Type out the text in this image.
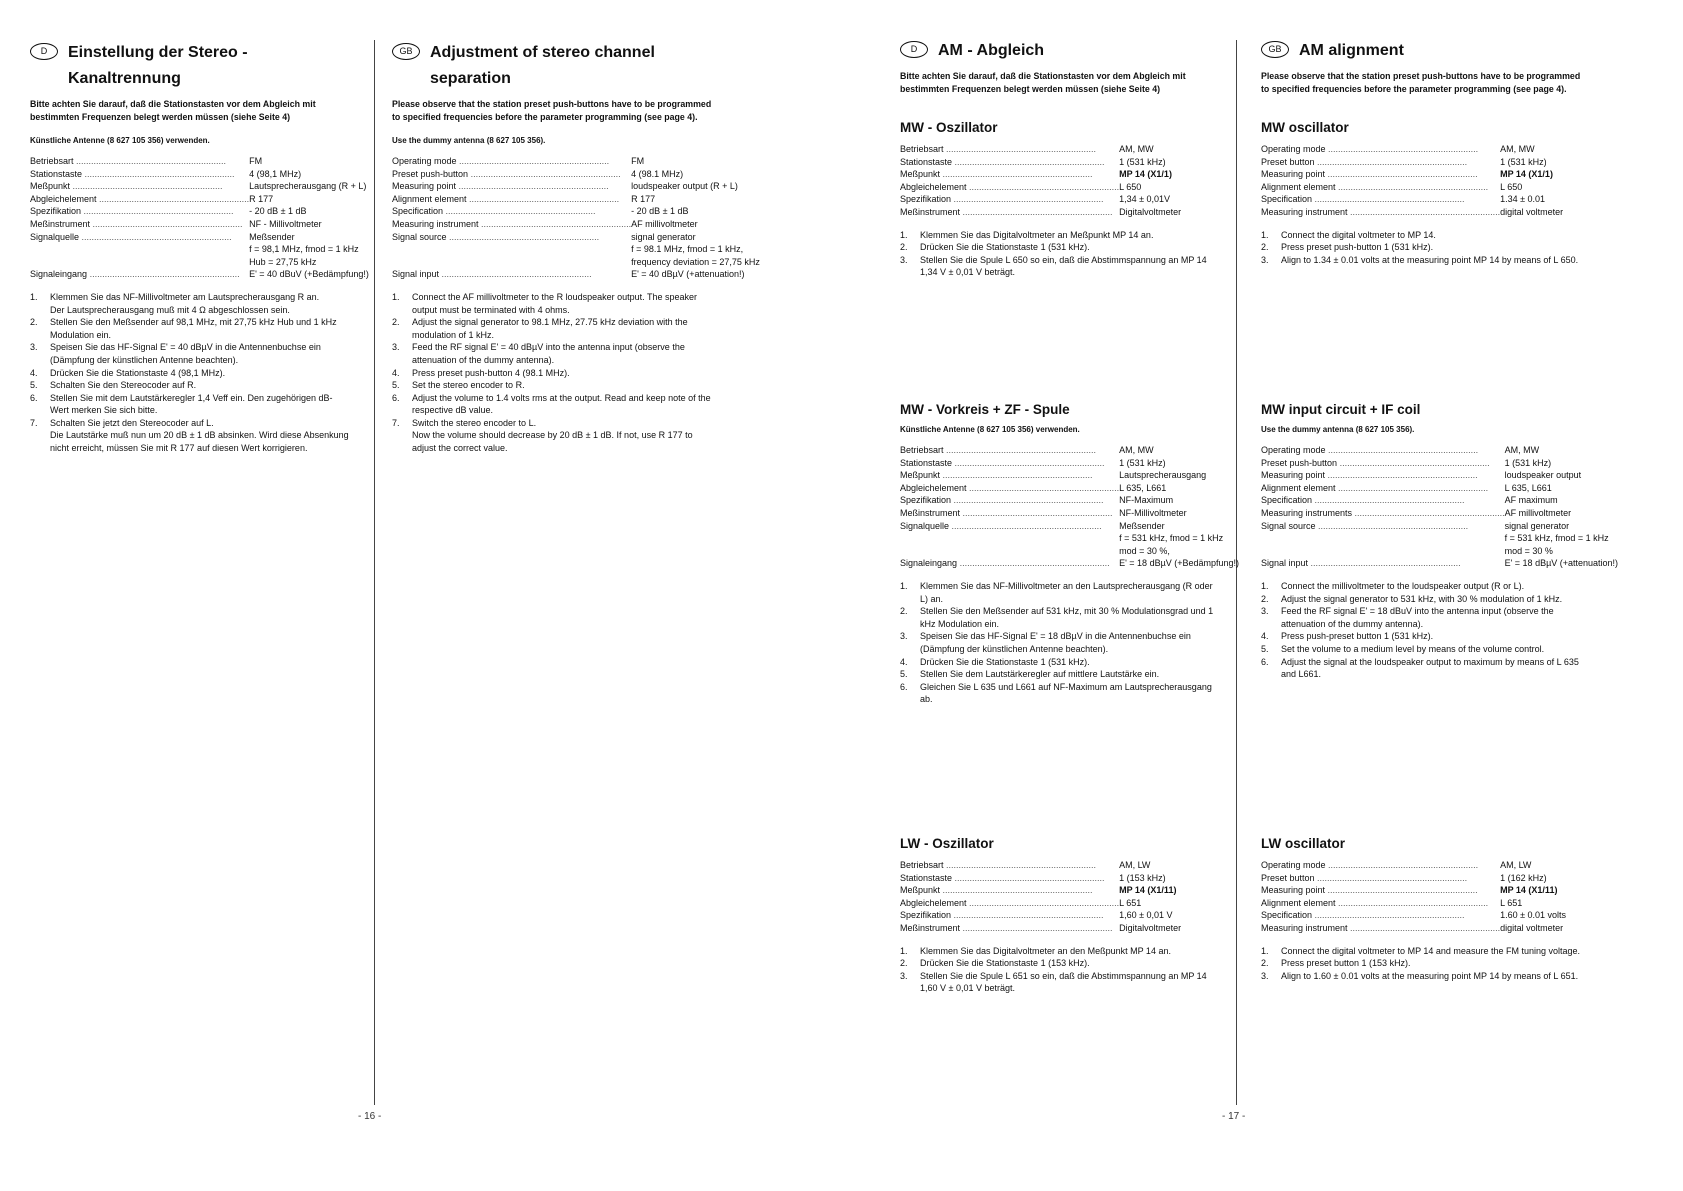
- 16 -	- 17 -
D	Einstellung der Stereo -
Kanaltrennung
Bitte achten Sie darauf, daß die Stationstasten vor dem Abgleich mit bestimmten Frequenzen belegt werden müssen (siehe Seite 4)
Künstliche Antenne (8 627 105 356) verwenden.
Betriebsart ............................................................	FM
Stationstaste ............................................................	4 (98,1 MHz)
Meßpunkt ............................................................	Lautsprecherausgang (R + L)
Abgleichelement ............................................................	R 177
Spezifikation ............................................................	- 20 dB ± 1 dB
Meßinstrument ............................................................	NF - Millivoltmeter
Signalquelle ............................................................	Meßsender
	f = 98,1 MHz, fmod = 1 kHz
	Hub = 27,75 kHz
Signaleingang ............................................................	E' = 40 dBuV (+Bedämpfung!)
1.	Klemmen Sie das NF-Millivoltmeter am Lautsprecherausgang R an.
Der Lautsprecherausgang muß mit 4 Ω abgeschlossen sein.
2.	Stellen Sie den Meßsender auf 98,1 MHz, mit 27,75 kHz Hub und 1 kHz Modulation ein.
3.	Speisen Sie das HF-Signal E' = 40 dBµV in die Antennenbuchse ein (Dämpfung der künstlichen Antenne beachten).
4.	Drücken Sie die Stationstaste 4 (98,1 MHz).
5.	Schalten Sie den Stereocoder auf R.
6.	Stellen Sie mit dem Lautstärkeregler 1,4 Veff ein. Den zugehörigen dB-Wert merken Sie sich bitte.
7.	Schalten Sie jetzt den Stereocoder auf L.
Die Lautstärke muß nun um 20 dB ± 1 dB absinken. Wird diese Absenkung nicht erreicht, müssen Sie mit R 177 auf diesen Wert korrigieren.
GB	Adjustment of stereo channel
separation
Please observe that the station preset push-buttons have to be programmed to specified frequencies before the parameter programming (see page 4).
Use the dummy antenna (8 627 105 356).
Operating mode ............................................................	FM
Preset push-button ............................................................	4 (98.1 MHz)
Measuring point ............................................................	loudspeaker output (R + L)
Alignment element ............................................................	R 177
Specification ............................................................	- 20 dB ± 1 dB
Measuring instrument ............................................................	AF millivoltmeter
Signal source ............................................................	signal generator
	f = 98.1 MHz, fmod = 1 kHz,
	frequency deviation = 27,75 kHz
Signal input ............................................................	E' = 40 dBµV (+attenuation!)
1.	Connect the AF millivoltmeter to the R loudspeaker output. The speaker output must be terminated with 4 ohms.
2.	Adjust the signal generator to 98.1 MHz, 27.75 kHz deviation with the modulation of 1 kHz.
3.	Feed the RF signal E' = 40 dBµV into the antenna input (observe the attenuation of the dummy antenna).
4.	Press preset push-button 4 (98.1 MHz).
5.	Set the stereo encoder to R.
6.	Adjust the volume to 1.4 volts rms at the output. Read and keep note of the respective dB value.
7.	Switch the stereo encoder to L.
Now the volume should decrease by 20 dB ± 1 dB. If not, use R 177 to adjust the correct value.
D	AM - Abgleich
Bitte achten Sie darauf, daß die Stationstasten vor dem Abgleich mit bestimmten Frequenzen belegt werden müssen (siehe Seite 4)
MW - Oszillator
Betriebsart ............................................................	AM, MW
Stationstaste ............................................................	1 (531 kHz)
Meßpunkt ............................................................	MP 14 (X1/1)
Abgleichelement ............................................................	L 650
Spezifikation ............................................................	1,34 ± 0,01V
Meßinstrument ............................................................	Digitalvoltmeter
1.	Klemmen Sie das Digitalvoltmeter an Meßpunkt MP 14 an.
2.	Drücken Sie die Stationstaste 1 (531 kHz).
3.	Stellen Sie die Spule L 650 so ein, daß die Abstimmspannung an MP 14 1,34 V ± 0,01 V beträgt.
MW - Vorkreis + ZF - Spule
Künstliche Antenne (8 627 105 356) verwenden.
Betriebsart ............................................................	AM, MW
Stationstaste ............................................................	1 (531 kHz)
Meßpunkt ............................................................	Lautsprecherausgang
Abgleichelement ............................................................	L 635, L661
Spezifikation ............................................................	NF-Maximum
Meßinstrument ............................................................	NF-Millivoltmeter
Signalquelle ............................................................	Meßsender
	f = 531 kHz, fmod = 1 kHz
	mod = 30 %,
Signaleingang ............................................................	E' = 18 dBµV (+Bedämpfung!)
1.	Klemmen Sie das NF-Millivoltmeter an den Lautsprecherausgang (R oder L) an.
2.	Stellen Sie den Meßsender auf 531 kHz, mit 30 % Modulationsgrad und 1 kHz Modulation ein.
3.	Speisen Sie das HF-Signal E' = 18 dBµV in die Antennenbuchse ein (Dämpfung der künstlichen Antenne beachten).
4.	Drücken Sie die Stationstaste 1 (531 kHz).
5.	Stellen Sie dem Lautstärkeregler auf mittlere Lautstärke ein.
6.	Gleichen Sie L 635 und L661 auf NF-Maximum am Lautsprecherausgang ab.
LW - Oszillator
Betriebsart ............................................................	AM, LW
Stationstaste ............................................................	1 (153 kHz)
Meßpunkt ............................................................	MP 14 (X1/11)
Abgleichelement ............................................................	L 651
Spezifikation ............................................................	1,60 ± 0,01 V
Meßinstrument ............................................................	Digitalvoltmeter
1.	Klemmen Sie das Digitalvoltmeter an den Meßpunkt MP 14 an.
2.	Drücken Sie die Stationstaste 1 (153 kHz).
3.	Stellen Sie die Spule L 651 so ein, daß die Abstimmspannung an MP 14 1,60 V ± 0,01 V beträgt.
GB	AM alignment
Please observe that the station preset push-buttons have to be programmed to specified frequencies before the parameter programming (see page 4).
MW oscillator
Operating mode ............................................................	AM, MW
Preset button ............................................................	1 (531 kHz)
Measuring point ............................................................	MP 14 (X1/1)
Alignment element ............................................................	L 650
Specification ............................................................	1.34 ± 0.01
Measuring instrument ............................................................	digital voltmeter
1.	Connect the digital voltmeter to MP 14.
2.	Press preset push-button 1 (531 kHz).
3.	Align to 1.34 ± 0.01 volts at the measuring point MP 14 by means of L 650.
MW input circuit + IF coil
Use the dummy antenna (8 627 105 356).
Operating mode ............................................................	AM, MW
Preset push-button ............................................................	1 (531 kHz)
Measuring point ............................................................	loudspeaker output
Alignment element ............................................................	L 635, L661
Specification ............................................................	AF maximum
Measuring instruments ............................................................	AF millivoltmeter
Signal source ............................................................	signal generator
	f = 531 kHz, fmod = 1 kHz
	mod = 30 %
Signal input ............................................................	E' = 18 dBµV (+attenuation!)
1.	Connect the millivoltmeter to the loudspeaker output (R or L).
2.	Adjust the signal generator to 531 kHz, with 30 % modulation of 1 kHz.
3.	Feed the RF signal E' = 18 dBuV into the antenna input (observe the attenuation of the dummy antenna).
4.	Press push-preset button 1 (531 kHz).
5.	Set the volume to a medium level by means of the volume control.
6.	Adjust the signal at the loudspeaker output to maximum by means of L 635 and L661.
LW oscillator
Operating mode ............................................................	AM, LW
Preset button ............................................................	1 (162 kHz)
Measuring point ............................................................	MP 14 (X1/11)
Alignment element ............................................................	L 651
Specification ............................................................	1.60 ± 0.01 volts
Measuring instrument ............................................................	digital voltmeter
1.	Connect the digital voltmeter to MP 14 and measure the FM tuning voltage.
2.	Press preset button 1 (153 kHz).
3.	Align to 1.60 ± 0.01 volts at the measuring point MP 14 by means of L 651.
